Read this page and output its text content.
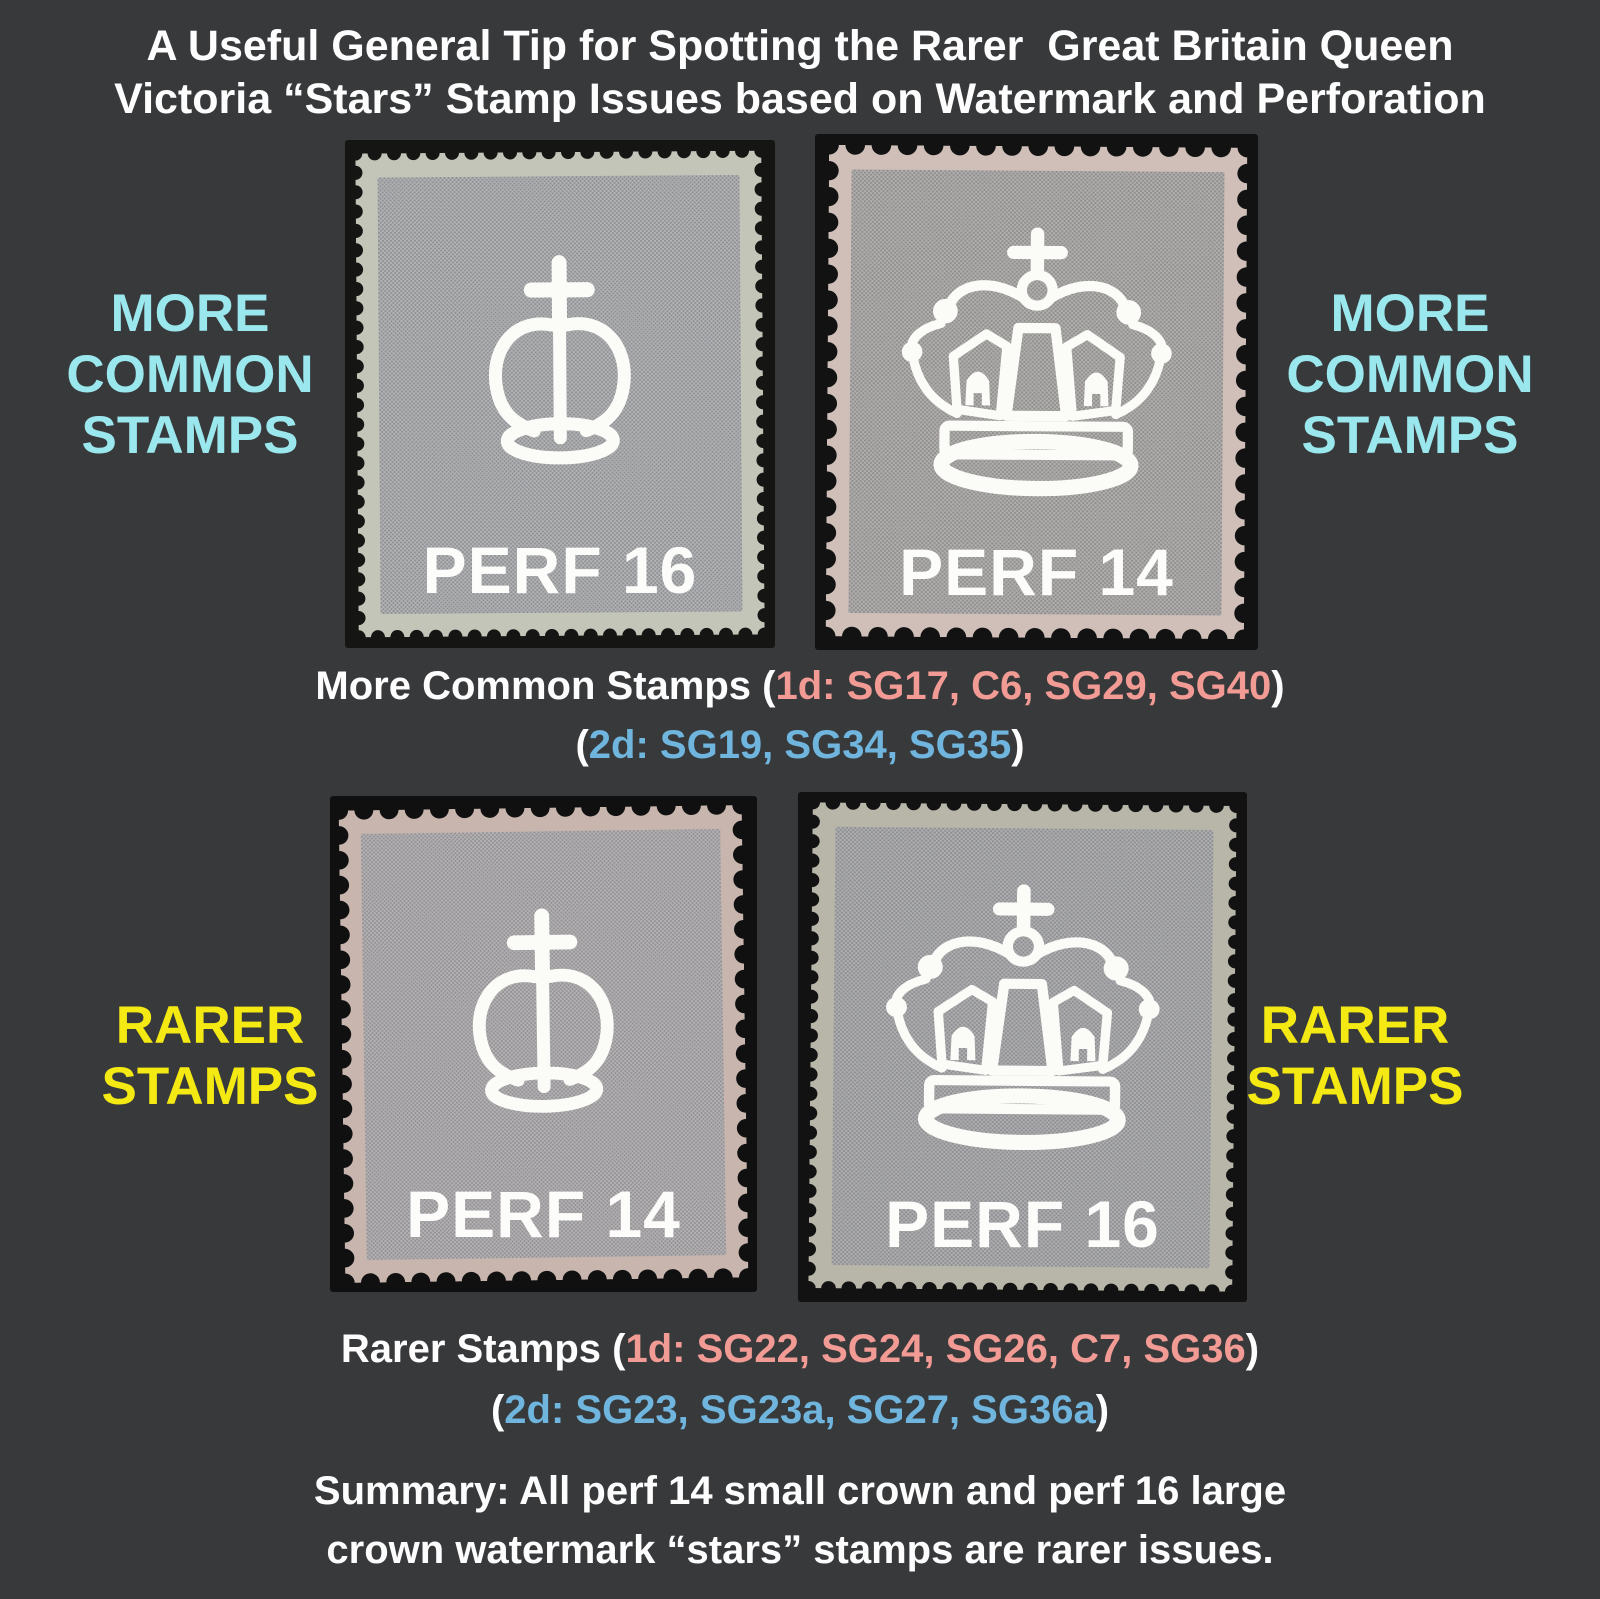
A Useful General Tip for Spotting the Rarer  Great Britain Queen
Victoria “Stars” Stamp Issues based on Watermark and Perforation
MORE
COMMON
STAMPS
MORE
COMMON
STAMPS
PERF 16	PERF 14

More Common Stamps (1d: SG17, C6, SG29, SG40)

(2d: SG19, SG34, SG35)

RARER
STAMPS
RARER
STAMPS
PERF 14	PERF 16

Rarer Stamps (1d: SG22, SG24, SG26, C7, SG36)

(2d: SG23, SG23a, SG27, SG36a)

Summary: All perf 14 small crown and perf 16 large
crown watermark “stars” stamps are rarer issues.
